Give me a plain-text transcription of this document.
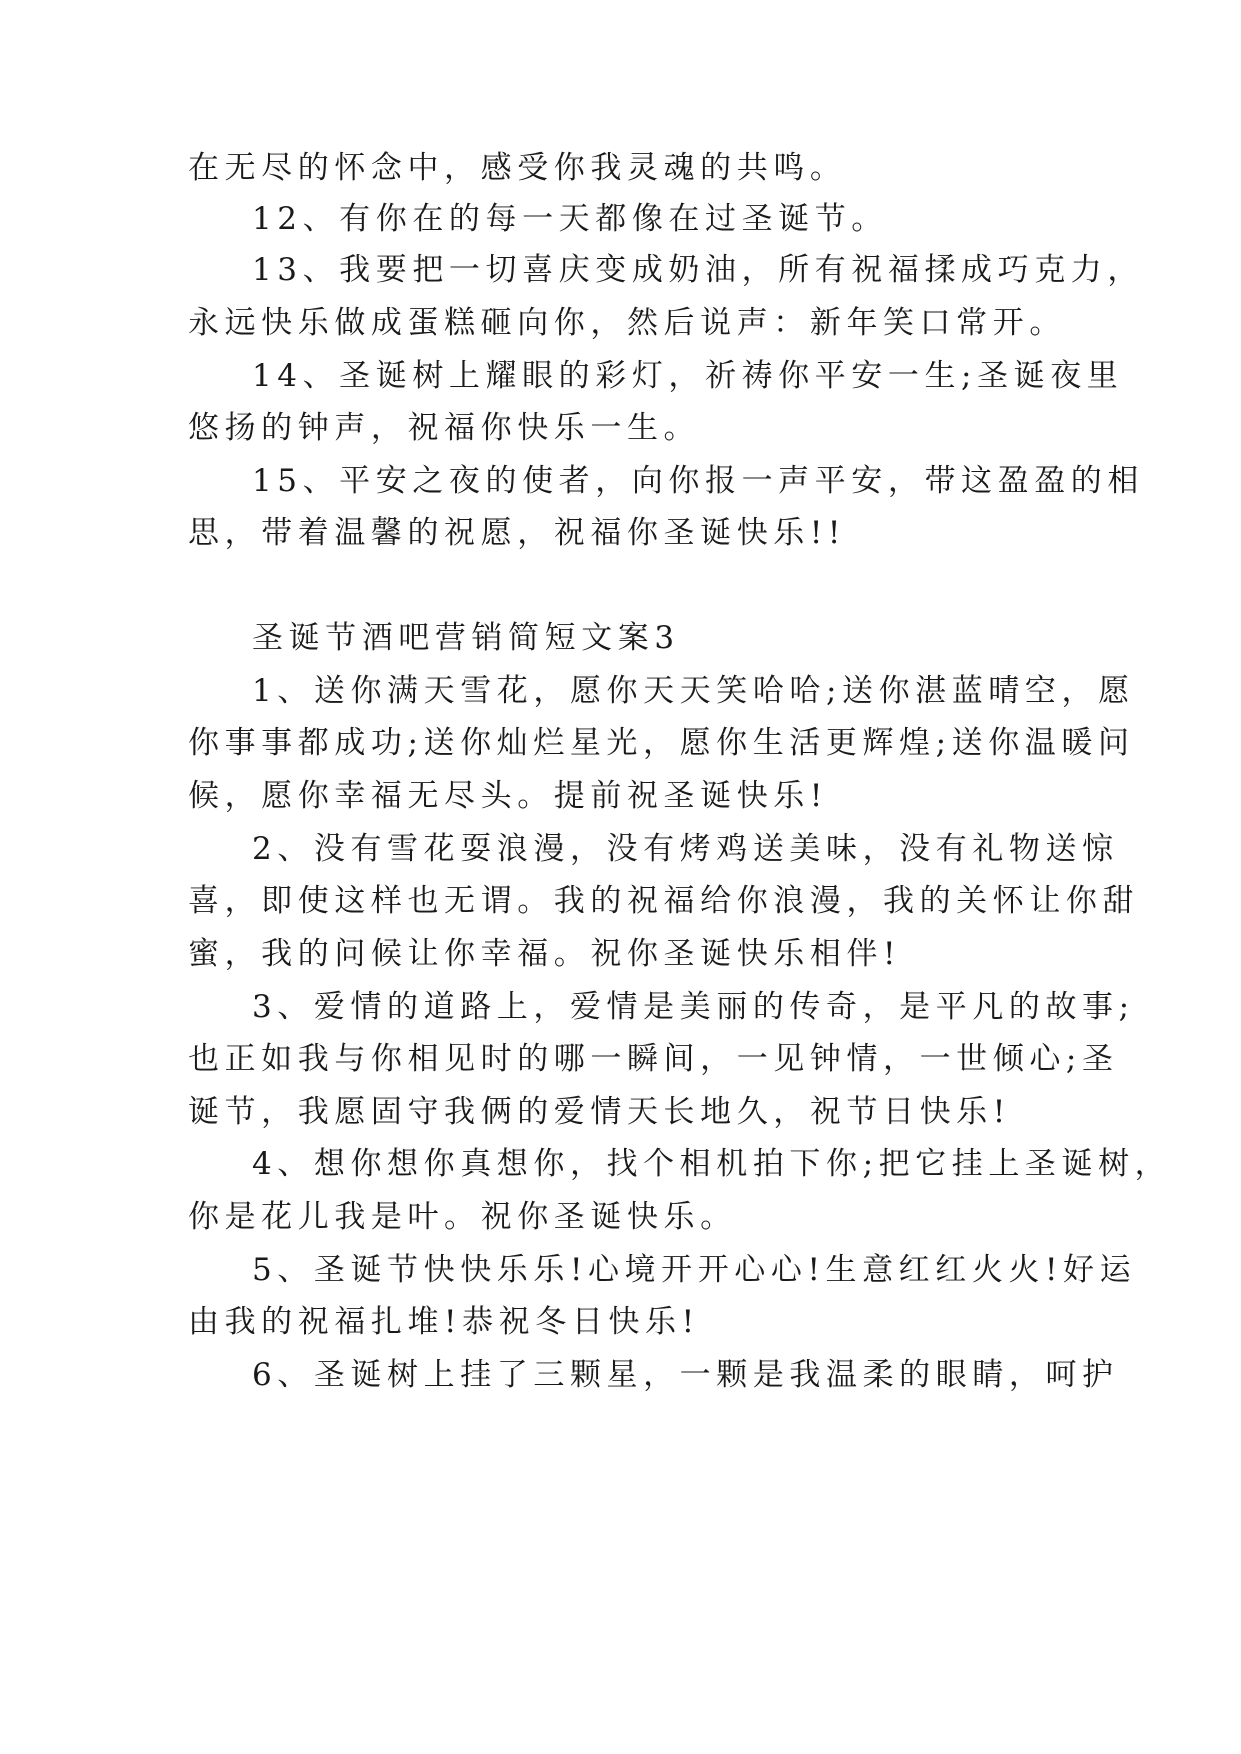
在无尽的怀念中，感受你我灵魂的共鸣。

12、有你在的每一天都像在过圣诞节。

13、我要把一切喜庆变成奶油，所有祝福揉成巧克力，

永远快乐做成蛋糕砸向你，然后说声：新年笑口常开。

14、圣诞树上耀眼的彩灯，祈祷你平安一生;圣诞夜里

悠扬的钟声，祝福你快乐一生。

15、平安之夜的使者，向你报一声平安，带这盈盈的相

思，带着温馨的祝愿，祝福你圣诞快乐!!

圣诞节酒吧营销简短文案3

1、送你满天雪花，愿你天天笑哈哈;送你湛蓝晴空，愿

你事事都成功;送你灿烂星光，愿你生活更辉煌;送你温暖问

候，愿你幸福无尽头。提前祝圣诞快乐!

2、没有雪花耍浪漫，没有烤鸡送美味，没有礼物送惊

喜，即使这样也无谓。我的祝福给你浪漫，我的关怀让你甜

蜜，我的问候让你幸福。祝你圣诞快乐相伴!

3、爱情的道路上，爱情是美丽的传奇，是平凡的故事;

也正如我与你相见时的哪一瞬间，一见钟情，一世倾心;圣

诞节，我愿固守我俩的爱情天长地久，祝节日快乐!

4、想你想你真想你，找个相机拍下你;把它挂上圣诞树，

你是花儿我是叶。祝你圣诞快乐。

5、圣诞节快快乐乐!心境开开心心!生意红红火火!好运

由我的祝福扎堆!恭祝冬日快乐!

6、圣诞树上挂了三颗星，一颗是我温柔的眼睛，呵护
